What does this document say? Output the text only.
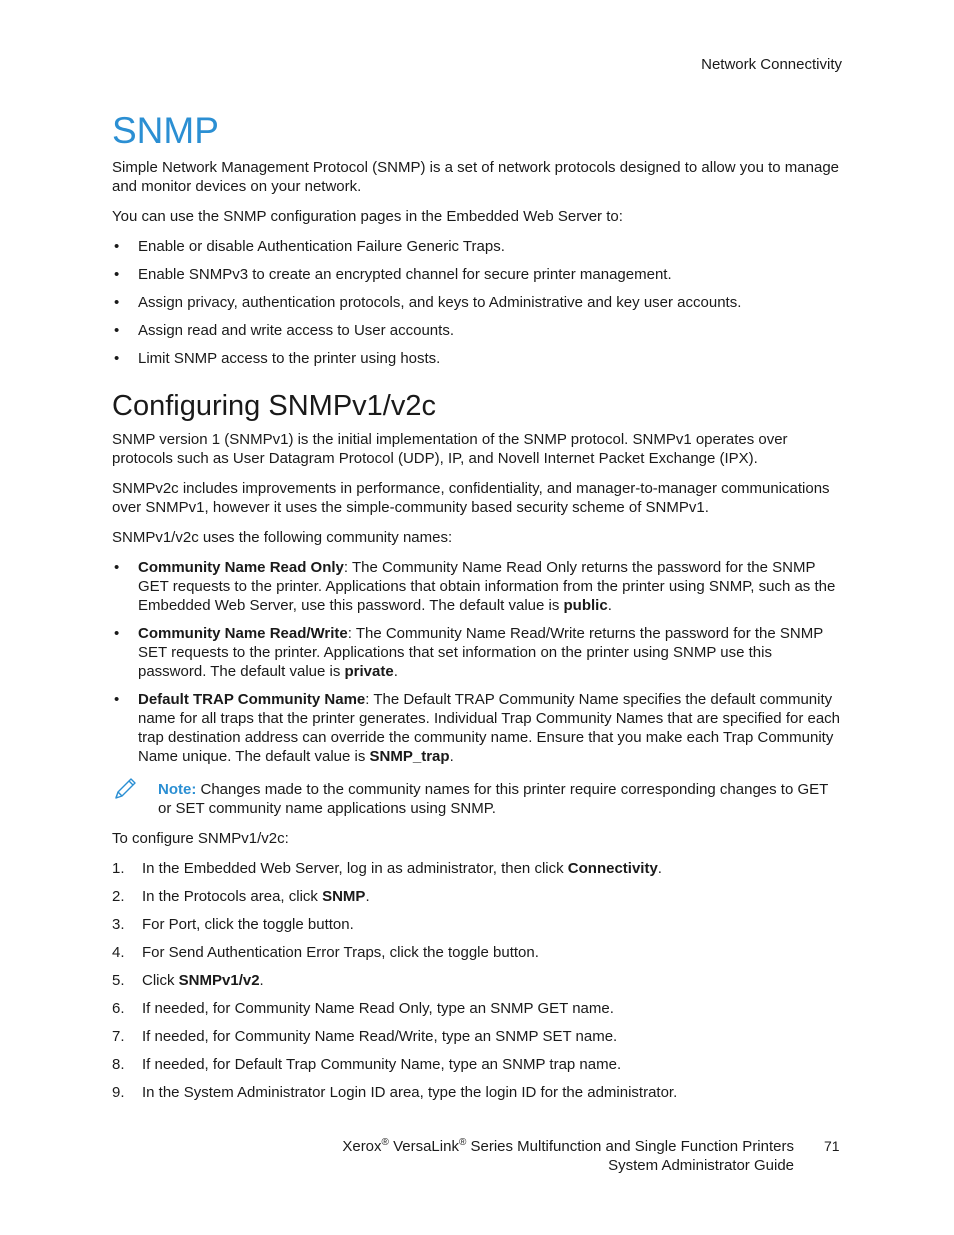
Network Connectivity
SNMP

Simple Network Management Protocol (SNMP) is a set of network protocols designed to allow you to manage and monitor devices on your network.

You can use the SNMP configuration pages in the Embedded Web Server to:

• Enable or disable Authentication Failure Generic Traps.
• Enable SNMPv3 to create an encrypted channel for secure printer management.
• Assign privacy, authentication protocols, and keys to Administrative and key user accounts.
• Assign read and write access to User accounts.
• Limit SNMP access to the printer using hosts.
Configuring SNMPv1/v2c

SNMP version 1 (SNMPv1) is the initial implementation of the SNMP protocol. SNMPv1 operates over protocols such as User Datagram Protocol (UDP), IP, and Novell Internet Packet Exchange (IPX).

SNMPv2c includes improvements in performance, confidentiality, and manager-to-manager communications over SNMPv1, however it uses the simple-community based security scheme of SNMPv1.

SNMPv1/v2c uses the following community names:

• Community Name Read Only: The Community Name Read Only returns the password for the SNMP GET requests to the printer. Applications that obtain information from the printer using SNMP, such as the Embedded Web Server, use this password. The default value is public.
• Community Name Read/Write: The Community Name Read/Write returns the password for the SNMP SET requests to the printer. Applications that set information on the printer using SNMP use this password. The default value is private.
• Default TRAP Community Name: The Default TRAP Community Name specifies the default community name for all traps that the printer generates. Individual Trap Community Names that are specified for each trap destination address can override the community name. Ensure that you make each Trap Community Name unique. The default value is SNMP_trap.
Note: Changes made to the community names for this printer require corresponding changes to GET or SET community name applications using SNMP.

To configure SNMPv1/v2c:

1. In the Embedded Web Server, log in as administrator, then click Connectivity.
2. In the Protocols area, click SNMP.
3. For Port, click the toggle button.
4. For Send Authentication Error Traps, click the toggle button.
5. Click SNMPv1/v2.
6. If needed, for Community Name Read Only, type an SNMP GET name.
7. If needed, for Community Name Read/Write, type an SNMP SET name.
8. If needed, for Default Trap Community Name, type an SNMP trap name.
9. In the System Administrator Login ID area, type the login ID for the administrator.
Xerox® VersaLink® Series Multifunction and Single Function Printers
System Administrator Guide
71
